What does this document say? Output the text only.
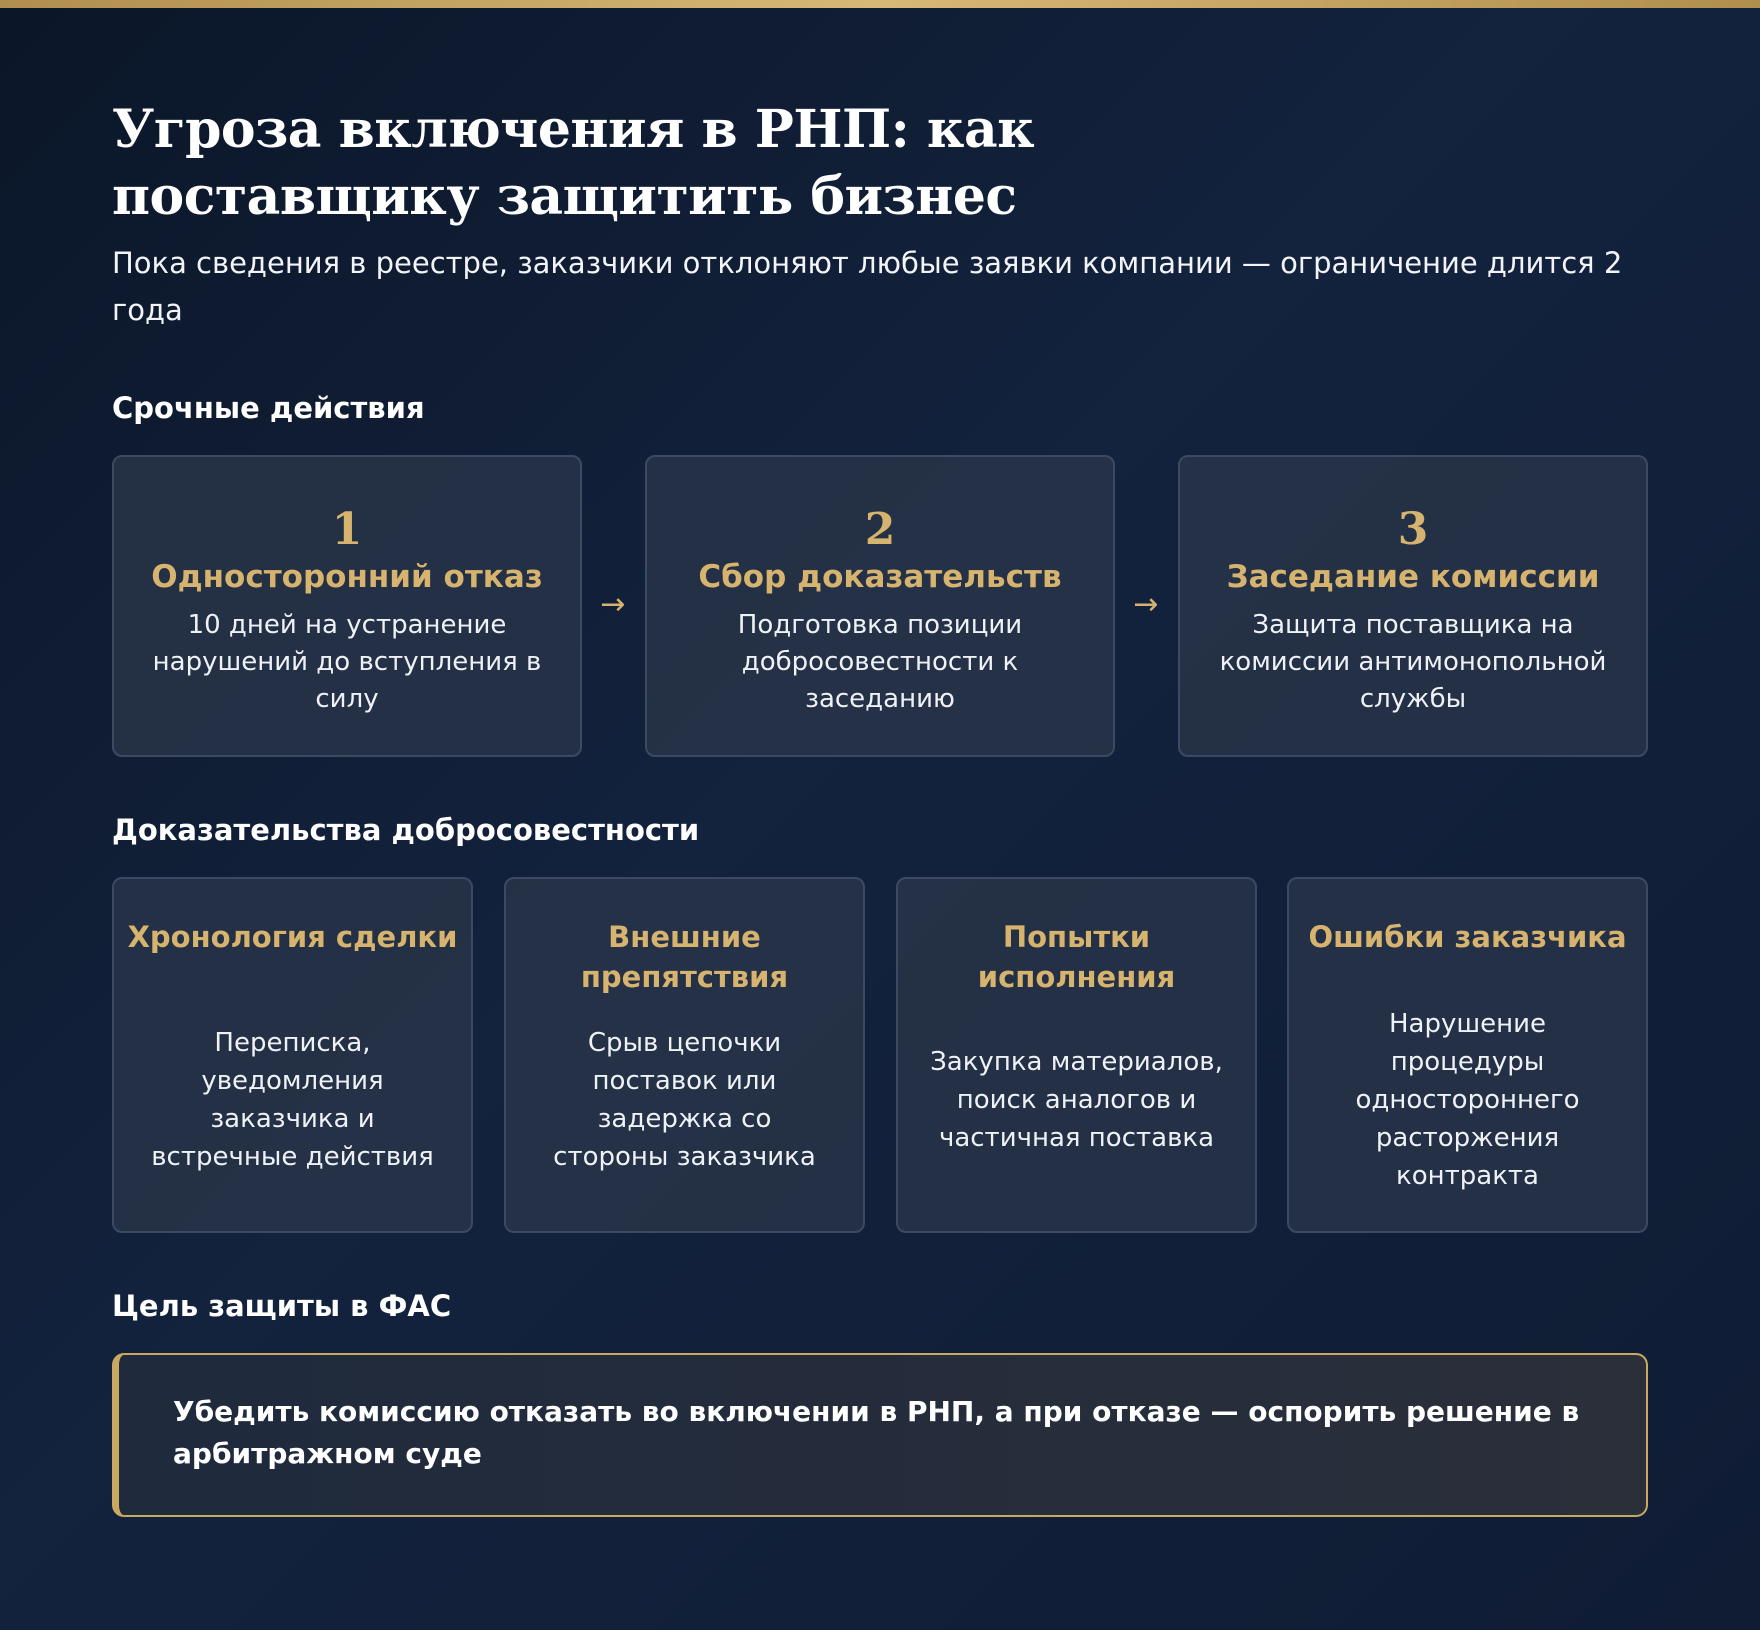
Угроза включения в РНП: как поставщику защитить бизнес

Пока сведения в реестре, заказчики отклоняют любые заявки компании — ограничение длится 2 года

Срочные действия
1
Односторонний отказ
10 дней на устранение нарушений до вступления в силу
→
2
Сбор доказательств
Подготовка позиции добросовестности к заседанию
→
3
Заседание комиссии
Защита поставщика на комиссии антимонопольной службы
Доказательства добросовестности
Хронология сделки
Переписка, уведомления заказчика и встречные действия
Внешние препятствия
Срыв цепочки поставок или задержка со стороны заказчика
Попытки исполнения
Закупка материалов, поиск аналогов и частичная поставка
Ошибки заказчика
Нарушение процедуры одностороннего расторжения контракта
Цель защиты в ФАС

Убедить комиссию отказать во включении в РНП, а при отказе — оспорить решение в арбитражном суде
